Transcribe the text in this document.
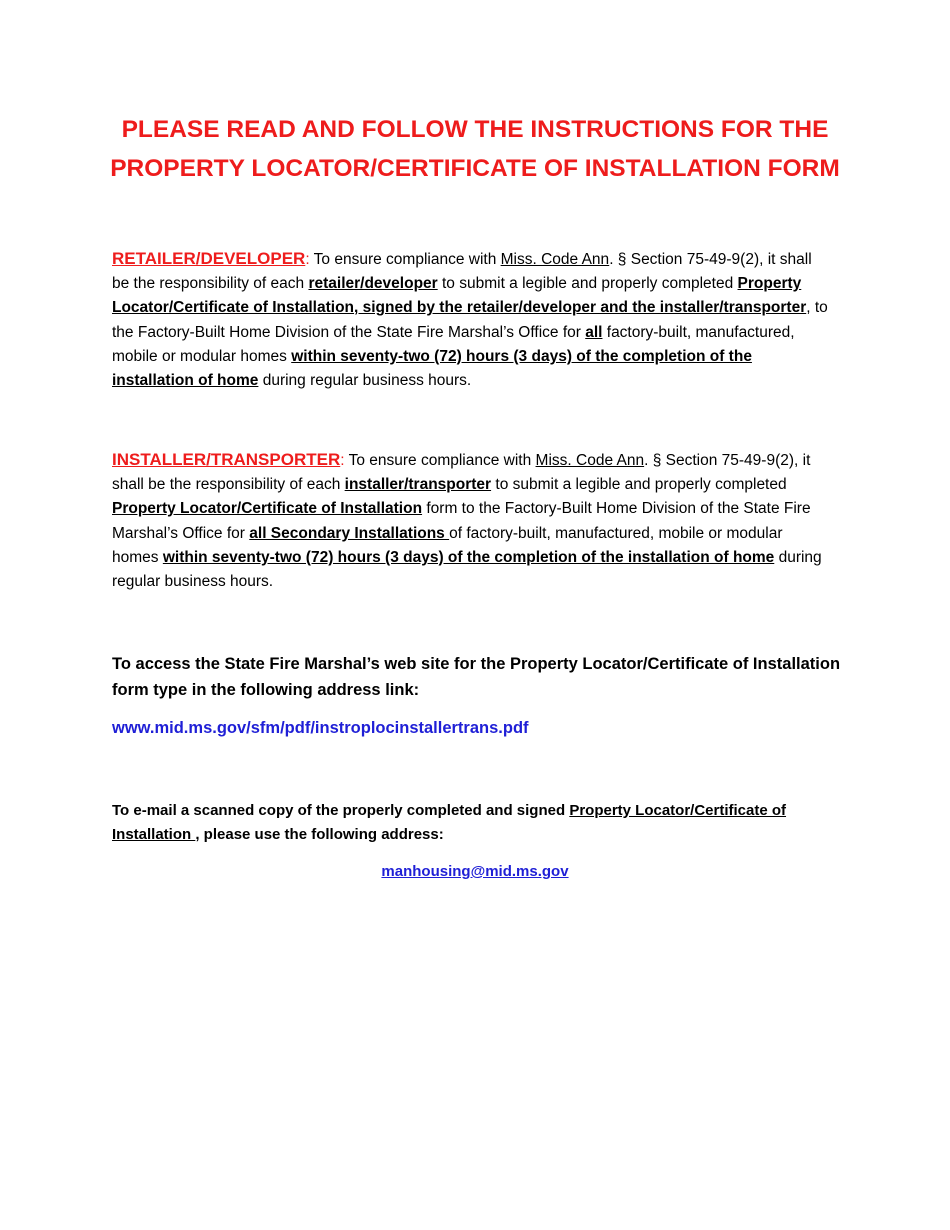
PLEASE READ AND FOLLOW THE INSTRUCTIONS FOR THE
PROPERTY LOCATOR/CERTIFICATE OF INSTALLATION FORM

RETAILER/DEVELOPER: To ensure compliance with Miss. Code Ann. § Section 75-49-9(2), it shall be the responsibility of each retailer/developer to submit a legible and properly completed Property Locator/Certificate of Installation, signed by the retailer/developer and the installer/transporter, to the Factory-Built Home Division of the State Fire Marshal’s Office for all factory-built, manufactured, mobile or modular homes within seventy-two (72) hours (3 days) of the completion of the installation of home during regular business hours.

INSTALLER/TRANSPORTER: To ensure compliance with Miss. Code Ann. § Section 75-49-9(2), it shall be the responsibility of each installer/transporter to submit a legible and properly completed Property Locator/Certificate of Installation form to the Factory-Built Home Division of the State Fire Marshal’s Office for all Secondary Installations of factory-built, manufactured, mobile or modular homes within seventy-two (72) hours (3 days) of the completion of the installation of home during regular business hours.

To access the State Fire Marshal’s web site for the Property Locator/Certificate of Installation form type in the following address link:

www.mid.ms.gov/sfm/pdf/instroplocinstallertrans.pdf

To e-mail a scanned copy of the properly completed and signed Property Locator/Certificate of Installation , please use the following address:

manhousing@mid.ms.gov
